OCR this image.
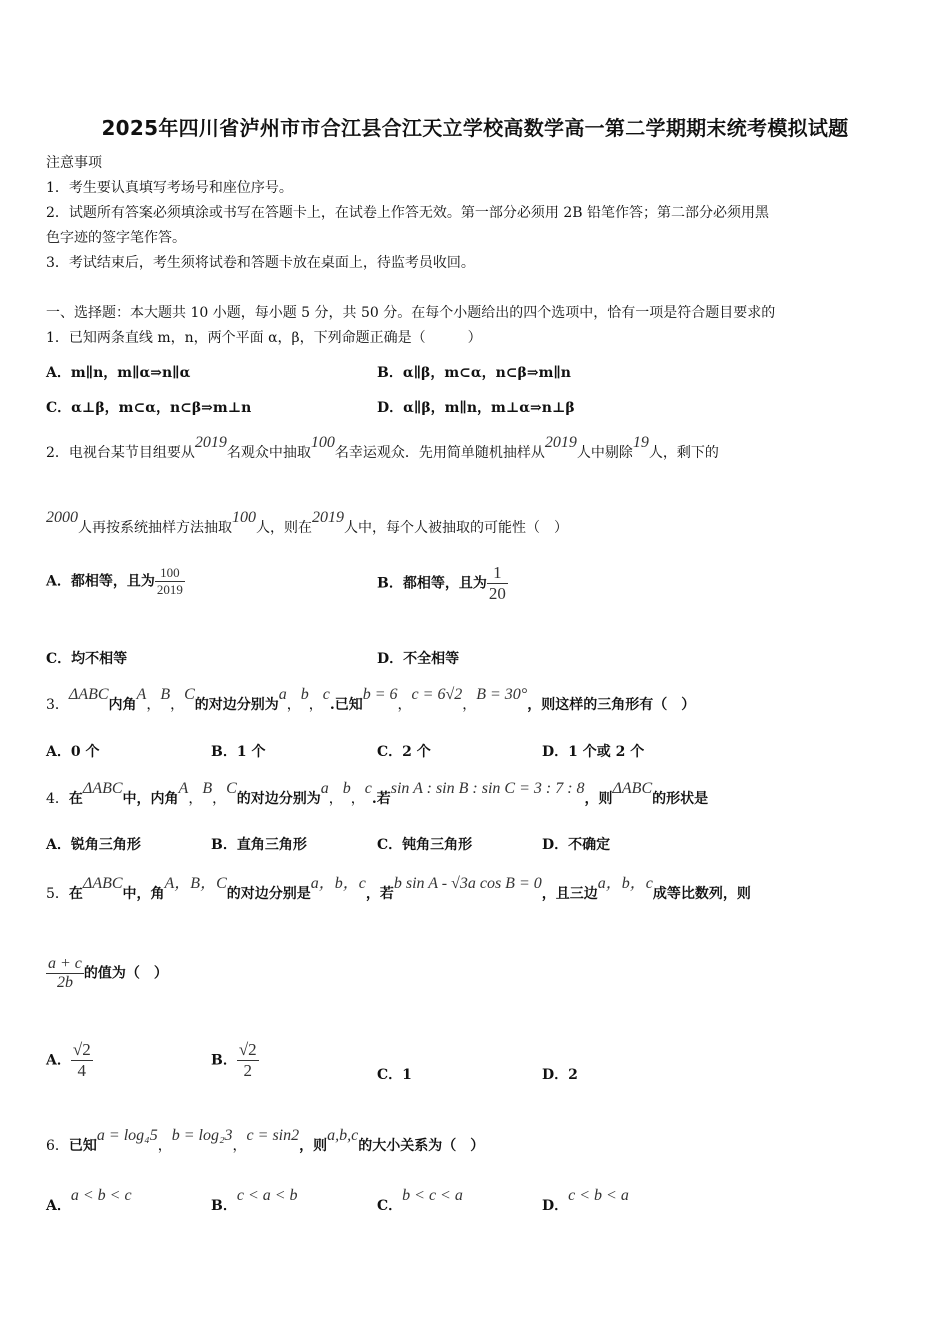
2025年四川省泸州市市合江县合江天立学校高数学高一第二学期期末统考模拟试题
注意事项
1．考生要认真填写考场号和座位序号。
2．试题所有答案必须填涂或书写在答题卡上，在试卷上作答无效。第一部分必须用 2B 铅笔作答；第二部分必须用黑
色字迹的签字笔作答。
3．考试结束后，考生须将试卷和答题卡放在桌面上，待监考员收回。
一、选择题：本大题共 10 小题，每小题 5 分，共 50 分。在每个小题给出的四个选项中，恰有一项是符合题目要求的
1．已知两条直线 m，n，两个平面 α，β，下列命题正确是（　　　）
A．m∥n，m∥α⇒n∥α	B．α∥β，m⊂α，n⊂β⇒m∥n
C．α⊥β，m⊂α，n⊂β⇒m⊥n	D．α∥β，m∥n，m⊥α⇒n⊥β
2．电视台某节目组要从2019名观众中抽取100名幸运观众．先用简单随机抽样从2019人中剔除19人，剩下的
2000人再按系统抽样方法抽取100人，则在2019人中，每个人被抽取的可能性（　）
A．都相等，且为 $\frac{100}{2019}$	B．都相等，且为 $\frac{1}{20}$
C．均不相等	D．不全相等
3．ΔABC内角A，B，C的对边分别为a，b，c.已知b = 6，c = 6√2，B = 30°，则这样的三角形有（　）
A．0 个	B．1 个	C．2 个	D．1 个或 2 个
4．在ΔABC中，内角A，B，C的对边分别为a，b，c.若sin A : sin B : sin C = 3 : 7 : 8，则ΔABC的形状是
A．锐角三角形	B．直角三角形	C．钝角三角形	D．不确定
5．在ΔABC中，角A，B，C的对边分别是a，b，c，若b sin A - √3a cos B = 0，且三边a，b，c成等比数列，则
$\frac{a + c}{2b}$ 的值为（　）
A． $\frac{√2}{4}$	B． $\frac{√2}{2}$	C．1	D．2
6．已知a = log₄5，b = log₂3，c = sin2，则a,b,c的大小关系为（　）
A．a < b < c
B．c < a < b
C．b < c < a
D．c < b < a
